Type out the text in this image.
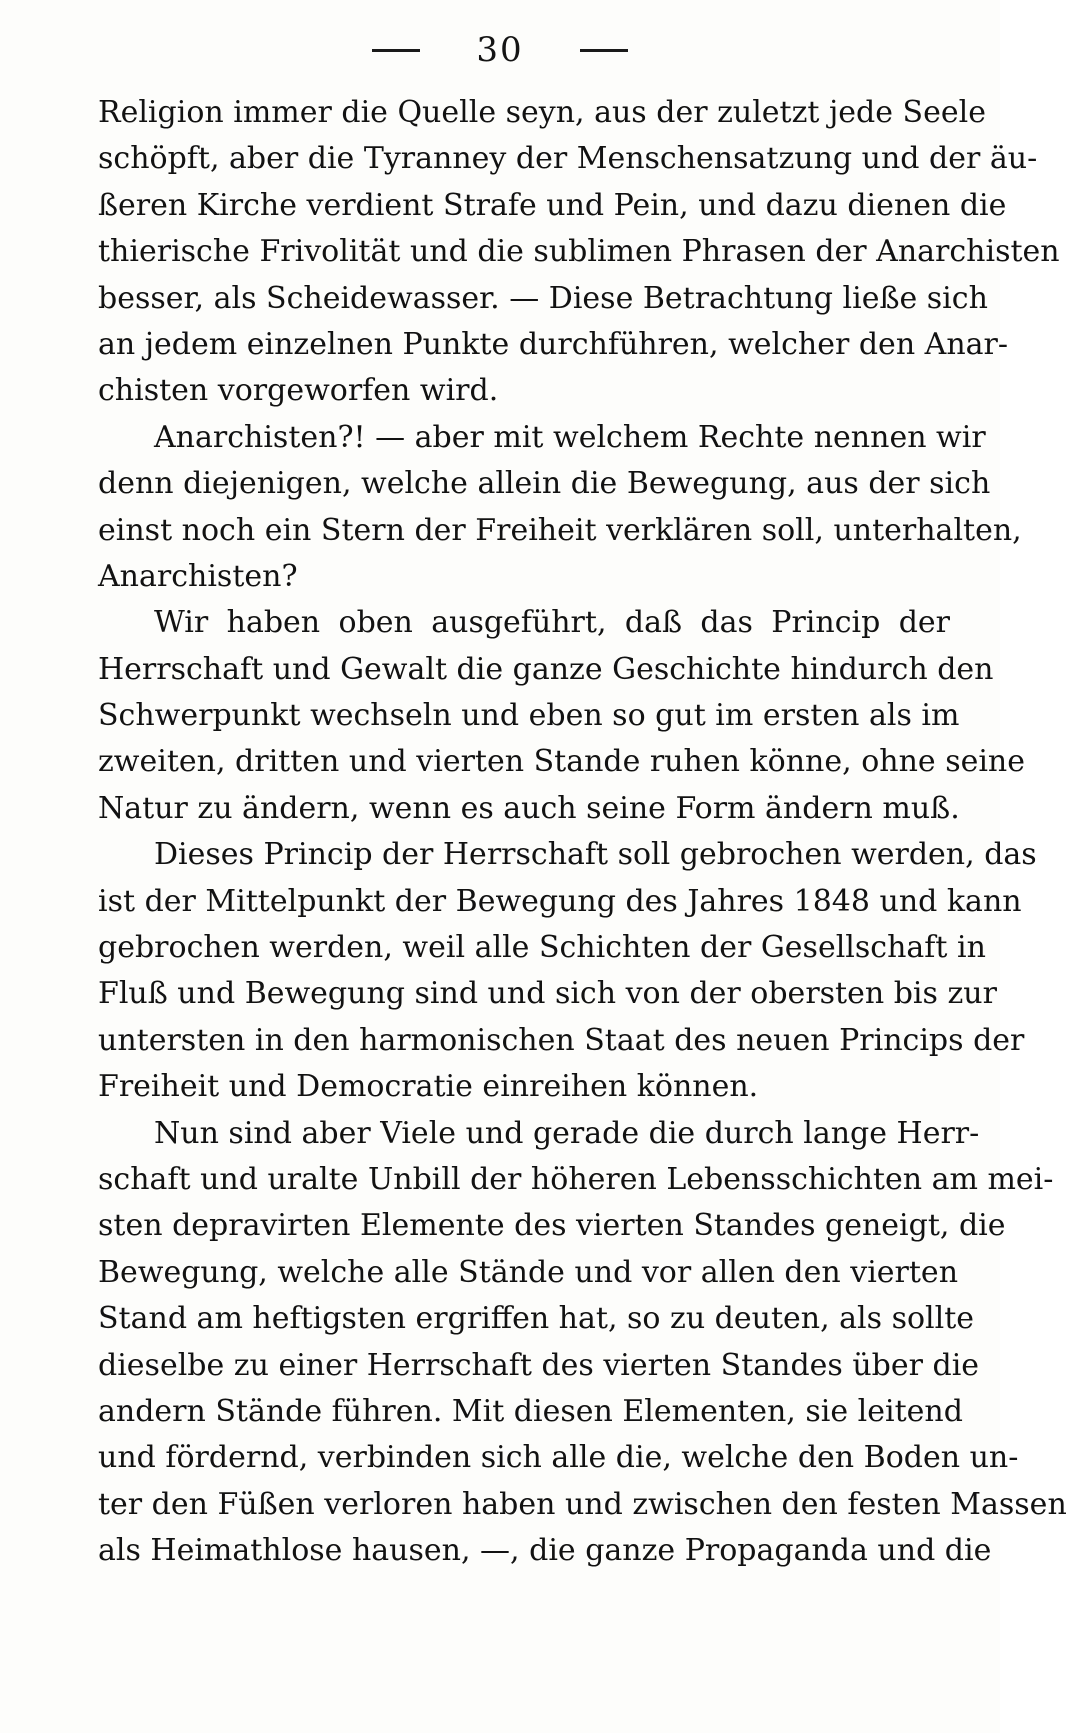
30
Religion immer die Quelle seyn, aus der zuletzt jede Seele
schöpft, aber die Tyranney der Menschensatzung und der äu-
ßeren Kirche verdient Strafe und Pein, und dazu dienen die
thierische Frivolität und die sublimen Phrasen der Anarchisten
besser, als Scheidewasser. — Diese Betrachtung ließe sich
an jedem einzelnen Punkte durchführen, welcher den Anar-
chisten vorgeworfen wird.
Anarchisten?! — aber mit welchem Rechte nennen wir
denn diejenigen, welche allein die Bewegung, aus der sich
einst noch ein Stern der Freiheit verklären soll, unterhalten,
Anarchisten?
Wir haben oben ausgeführt, daß das Princip der
Herrschaft und Gewalt die ganze Geschichte hindurch den
Schwerpunkt wechseln und eben so gut im ersten als im
zweiten, dritten und vierten Stande ruhen könne, ohne seine
Natur zu ändern, wenn es auch seine Form ändern muß.
Dieses Princip der Herrschaft soll gebrochen werden, das
ist der Mittelpunkt der Bewegung des Jahres 1848 und kann
gebrochen werden, weil alle Schichten der Gesellschaft in
Fluß und Bewegung sind und sich von der obersten bis zur
untersten in den harmonischen Staat des neuen Princips der
Freiheit und Democratie einreihen können.
Nun sind aber Viele und gerade die durch lange Herr-
schaft und uralte Unbill der höheren Lebensschichten am mei-
sten depravirten Elemente des vierten Standes geneigt, die
Bewegung, welche alle Stände und vor allen den vierten
Stand am heftigsten ergriffen hat, so zu deuten, als sollte
dieselbe zu einer Herrschaft des vierten Standes über die
andern Stände führen. Mit diesen Elementen, sie leitend
und fördernd, verbinden sich alle die, welche den Boden un-
ter den Füßen verloren haben und zwischen den festen Massen
als Heimathlose hausen, —, die ganze Propaganda und die
